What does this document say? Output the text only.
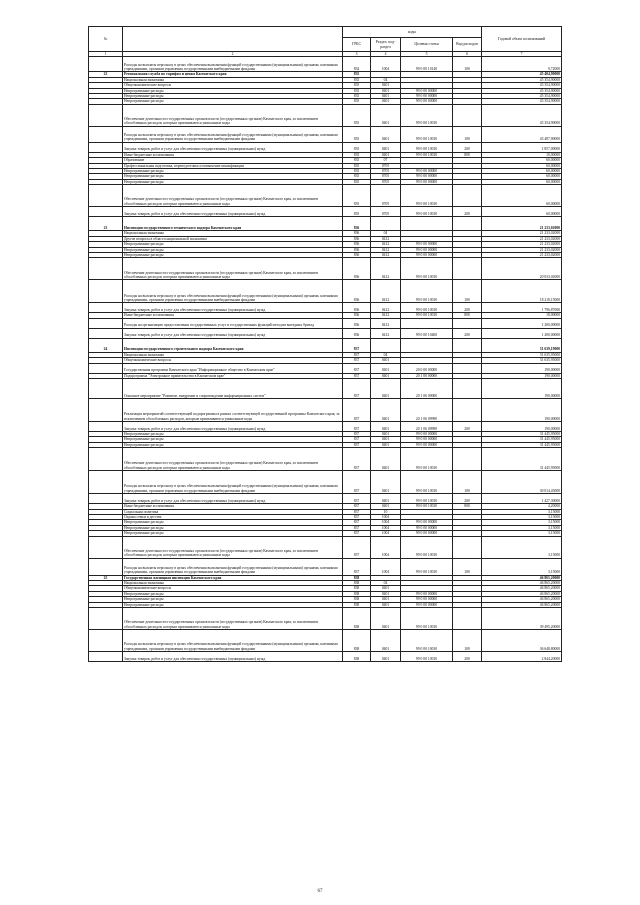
№		коды				Годовой объем ассигнований
		ГРБС	Раздел, под-раздел	Целевая статья	Вид расходов	
1	2	3	4	5	6	7
	Расходы на выплаты персоналу в целях обеспечения выполнения функций государственными (муниципальными) органами, казенными учреждениями, органами управления государственными внебюджетными фондами	834	1004	99 0 00 10140	100	9,72000
22	Региональная служба по тарифам и ценам Камчатского края	835				45 404,90000
	Национальная экономика	835	04			45 354,90000
	Общеэкономические вопросы	835	0401			45 354,90000
	Непрограммные расходы	835	0401	99 0 00 00000		45 354,90000
	Непрограммные расходы	835	0401	99 0 00 00000		45 354,90000
	Непрограммные расходы	835	0401	99 0 00 00000		45 354,90000
	Обеспечение деятельности государственных органов власти (государственных органов) Камчатского края, за исключением обособленных расходов, которым присваиваются уникальные коды	835	0401	99 0 00 10010		45 354,90000
	Расходы на выплаты персоналу в целях обеспечения выполнения функций государственными (муниципальными) органами, казенными учреждениями, органами управления государственными внебюджетными фондами	835	0401	99 0 00 10010	100	43 487,90000
	Закупка товаров, работ и услуг для обеспечения государственных (муниципальных) нужд	835	0401	99 0 00 10010	200	1 857,00000
	Иные бюджетные ассигнования	835	0401	99 0 00 10010	800	10,00000
	Образование	835	07			60,00000
	Профессиональная подготовка, переподготовка и повышение квалификации	835	0705			60,00000
	Непрограммные расходы	835	0705	99 0 00 00000		60,00000
	Непрограммные расходы	835	0705	99 0 00 00000		60,00000
	Непрограммные расходы	835	0705	99 0 00 00000		60,00000
	Обеспечение деятельности государственных органов власти (государственных органов) Камчатского края, за исключением обособленных расходов, которым присваиваются уникальные коды	835	0705	99 0 00 10010		60,00000
	Закупка товаров, работ и услуг для обеспечения государственных (муниципальных) нужд	835	0705	99 0 00 10010	200	60,00000
23	Инспекция государственного технического надзора Камчатского края	836				21 233,02000
	Национальная экономика	836	04			21 233,02000
	Другие вопросы в области национальной экономики	836	0412			21 233,02000
	Непрограммные расходы	836	0412	99 0 00 00000		21 233,02000
	Непрограммные расходы	836	0412	99 0 00 00000		21 233,02000
	Непрограммные расходы	836	0412	99 0 00 00000		21 233,02000
	Обеспечение деятельности государственных органов власти (государственных органов) Камчатского края, за исключением обособленных расходов, которым присваиваются уникальные коды	836	0412	99 0 00 10010		20 033,02000
	Расходы на выплаты персоналу в целях обеспечения выполнения функций государственными (муниципальными) органами, казенными учреждениями, органами управления государственными внебюджетными фондами	836	0412	99 0 00 10010	100	18 218,15000
	Закупка товаров, работ и услуг для обеспечения государственных (муниципальных) нужд	836	0412	99 0 00 10010	200	1 796,87000
	Иные бюджетные ассигнования	836	0412	99 0 00 10010	800	18,00000
	Расходы на организацию предоставления государственных услуг и государственных функций методом выездных бригад	836	0412			1 200,00000
	Закупка товаров, работ и услуг для обеспечения государственных (муниципальных) нужд	836	0412	99 0 00 10400	200	1 200,00000
24	Инспекция государственного строительного надзора Камчатского края	837				31 639,19000
	Национальная экономика	837	04			31 635,95000
	Общеэкономические вопросы	837	0401			31 635,95000
	Государственная программа Камчатского края "Информационное общество в Камчатском крае"	837	0401	20 0 00 00000		190,00000
	Подпрограмма "Электронное правительство в Камчатском крае"	837	0401	20 1 00 00000		190,00000
	Основное мероприятие "Развитие, внедрение и сопровождение информационных систем"	837	0401	20 1 06 00000		190,00000
	Реализация мероприятий соответствующей подпрограммы в рамках соответствующей государственной программы Камчатского края, за исключением обособленных расходов, которым присваиваются уникальные коды	837	0401	20 1 06 09990		190,00000
	Закупка товаров, работ и услуг для обеспечения государственных (муниципальных) нужд	837	0401	20 1 06 09990	200	190,00000
	Непрограммные расходы	837	0401	99 0 00 00000		31 445,95000
	Непрограммные расходы	837	0401	99 0 00 00000		31 445,95000
	Непрограммные расходы	837	0401	99 0 00 00000		31 445,95000
	Обеспечение деятельности государственных органов власти (государственных органов) Камчатского края, за исключением обособленных расходов, которым присваиваются уникальные коды	837	0401	99 0 00 10010		31 445,95000
	Расходы на выплаты персоналу в целях обеспечения выполнения функций государственными (муниципальными) органами, казенными учреждениями, органами управления государственными внебюджетными фондами	837	0401	99 0 00 10010	100	30 014,45000
	Закупка товаров, работ и услуг для обеспечения государственных (муниципальных) нужд	837	0401	99 0 00 10010	200	1 427,30000
	Иные бюджетные ассигнования	837	0401	99 0 00 10010	800	4,20000
	Социальная политика	837	10			3,15000
	Охрана семьи и детства	837	1004			3,15000
	Непрограммные расходы	837	1004	99 0 00 00000		3,15000
	Непрограммные расходы	837	1004	99 0 00 00000		3,15000
	Непрограммные расходы	837	1004	99 0 00 00000		3,15000
	Обеспечение деятельности государственных органов власти (государственных органов) Камчатского края, за исключением обособленных расходов, которым присваиваются уникальные коды	837	1004	99 0 00 10010		3,15000
	Расходы на выплаты персоналу в целях обеспечения выполнения функций государственными (муниципальными) органами, казенными учреждениями, органами управления государственными внебюджетными фондами	837	1004	99 0 00 10010	100	3,15000
25	Государственная жилищная инспекция Камчатского края	838				46 865,20000
	Национальная экономика	838	04			46 865,20000
	Общеэкономические вопросы	838	0401			46 865,20000
	Непрограммные расходы	838	0401	99 0 00 00000		46 865,20000
	Непрограммные расходы	838	0401	99 0 00 00000		46 865,20000
	Непрограммные расходы	838	0401	99 0 00 00000		46 865,20000
	Обеспечение деятельности государственных органов власти (государственных органов) Камчатского края, за исключением обособленных расходов, которым присваиваются уникальные коды	838	0401	99 0 00 10010		39 495,20000
	Расходы на выплаты персоналу в целях обеспечения выполнения функций государственными (муниципальными) органами, казенными учреждениями, органами управления государственными внебюджетными фондами	838	0401	99 0 00 10010	100	36 648,80000
	Закупка товаров, работ и услуг для обеспечения государственных (муниципальных) нужд	838	0401	99 0 00 10010	200	2 844,20000
67
